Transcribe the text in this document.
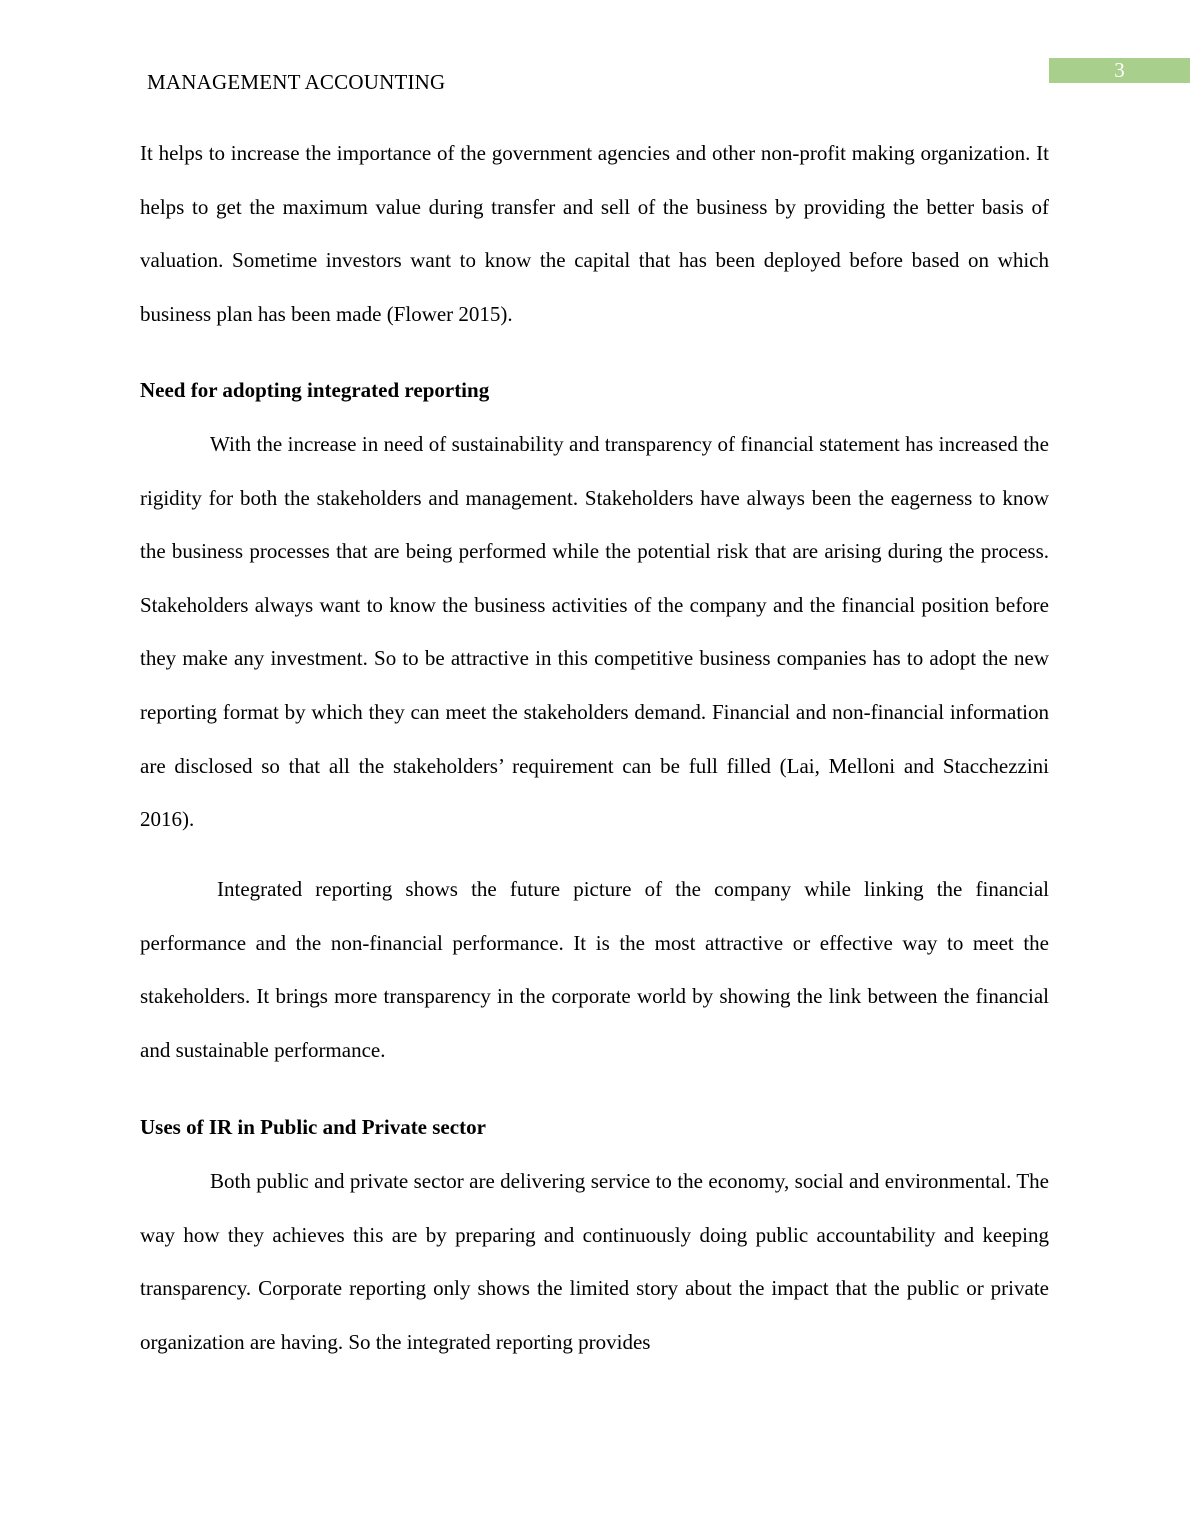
3
MANAGEMENT ACCOUNTING

It helps to increase the importance of the government agencies and other non-profit making organization. It helps to get the maximum value during transfer and sell of the business by providing the better basis of valuation. Sometime investors want to know the capital that has been deployed before based on which business plan has been made (Flower 2015).

Need for adopting integrated reporting

With the increase in need of sustainability and transparency of financial statement has increased the rigidity for both the stakeholders and management. Stakeholders have always been the eagerness to know the business processes that are being performed while the potential risk that are arising during the process. Stakeholders always want to know the business activities of the company and the financial position before they make any investment. So to be attractive in this competitive business companies has to adopt the new reporting format by which they can meet the stakeholders demand. Financial and non-financial information are disclosed so that all the stakeholders’ requirement can be full filled (Lai, Melloni and Stacchezzini 2016).

Integrated reporting shows the future picture of the company while linking the financial performance and the non-financial performance. It is the most attractive or effective way to meet the stakeholders. It brings more transparency in the corporate world by showing the link between the financial and sustainable performance.

Uses of IR in Public and Private sector

Both public and private sector are delivering service to the economy, social and environmental. The way how they achieves this are by preparing and continuously doing public accountability and keeping transparency. Corporate reporting only shows the limited story about the impact that the public or private organization are having. So the integrated reporting provides
